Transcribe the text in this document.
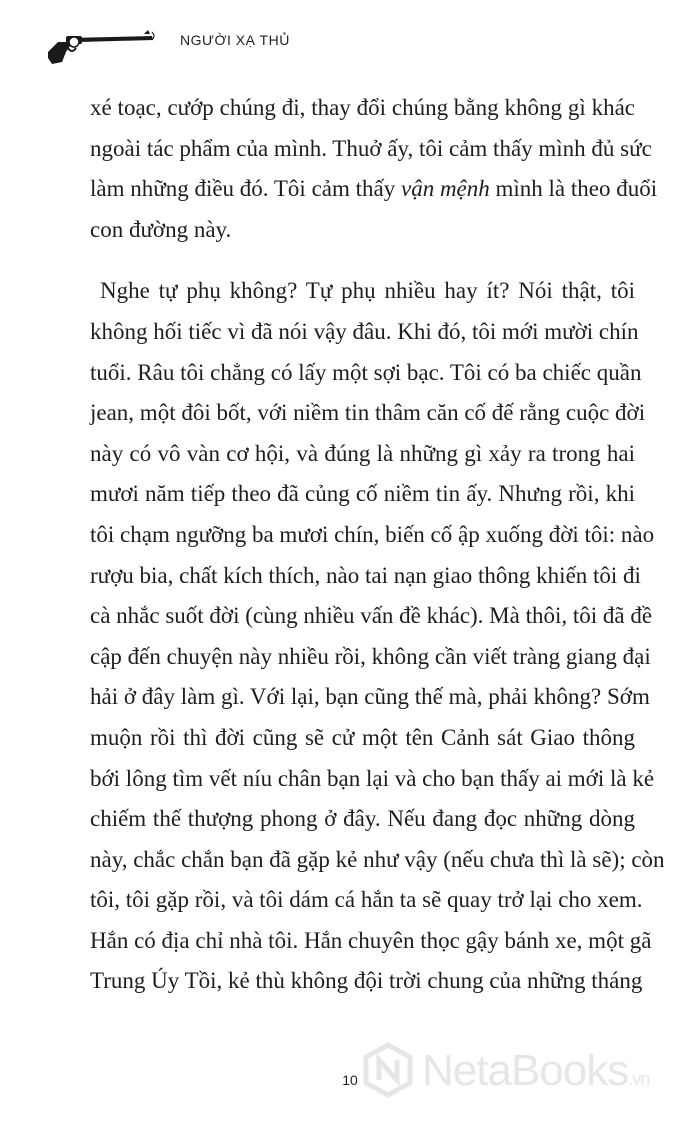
NGƯỜI XẠ THỦ

xé toạc, cướp chúng đi, thay đổi chúng bằng không gì khác
ngoài tác phẩm của mình. Thuở ấy, tôi cảm thấy mình đủ sức
làm những điều đó. Tôi cảm thấy vận mệnh mình là theo đuổi
con đường này.

Nghe tự phụ không? Tự phụ nhiều hay ít? Nói thật, tôi
không hối tiếc vì đã nói vậy đâu. Khi đó, tôi mới mười chín
tuổi. Râu tôi chẳng có lấy một sợi bạc. Tôi có ba chiếc quần
jean, một đôi bốt, với niềm tin thâm căn cố đế rằng cuộc đời
này có vô vàn cơ hội, và đúng là những gì xảy ra trong hai
mươi năm tiếp theo đã củng cố niềm tin ấy. Nhưng rồi, khi
tôi chạm ngưỡng ba mươi chín, biến cố ập xuống đời tôi: nào
rượu bia, chất kích thích, nào tai nạn giao thông khiến tôi đi
cà nhắc suốt đời (cùng nhiều vấn đề khác). Mà thôi, tôi đã đề
cập đến chuyện này nhiều rồi, không cần viết tràng giang đại
hải ở đây làm gì. Với lại, bạn cũng thế mà, phải không? Sớm
muộn rồi thì đời cũng sẽ cử một tên Cảnh sát Giao thông
bới lông tìm vết níu chân bạn lại và cho bạn thấy ai mới là kẻ
chiếm thế thượng phong ở đây. Nếu đang đọc những dòng
này, chắc chắn bạn đã gặp kẻ như vậy (nếu chưa thì là sẽ); còn
tôi, tôi gặp rồi, và tôi dám cá hắn ta sẽ quay trở lại cho xem.
Hắn có địa chỉ nhà tôi. Hắn chuyên thọc gậy bánh xe, một gã
Trung Úy Tồi, kẻ thù không đội trời chung của những tháng

10 NetaBooks.vn
